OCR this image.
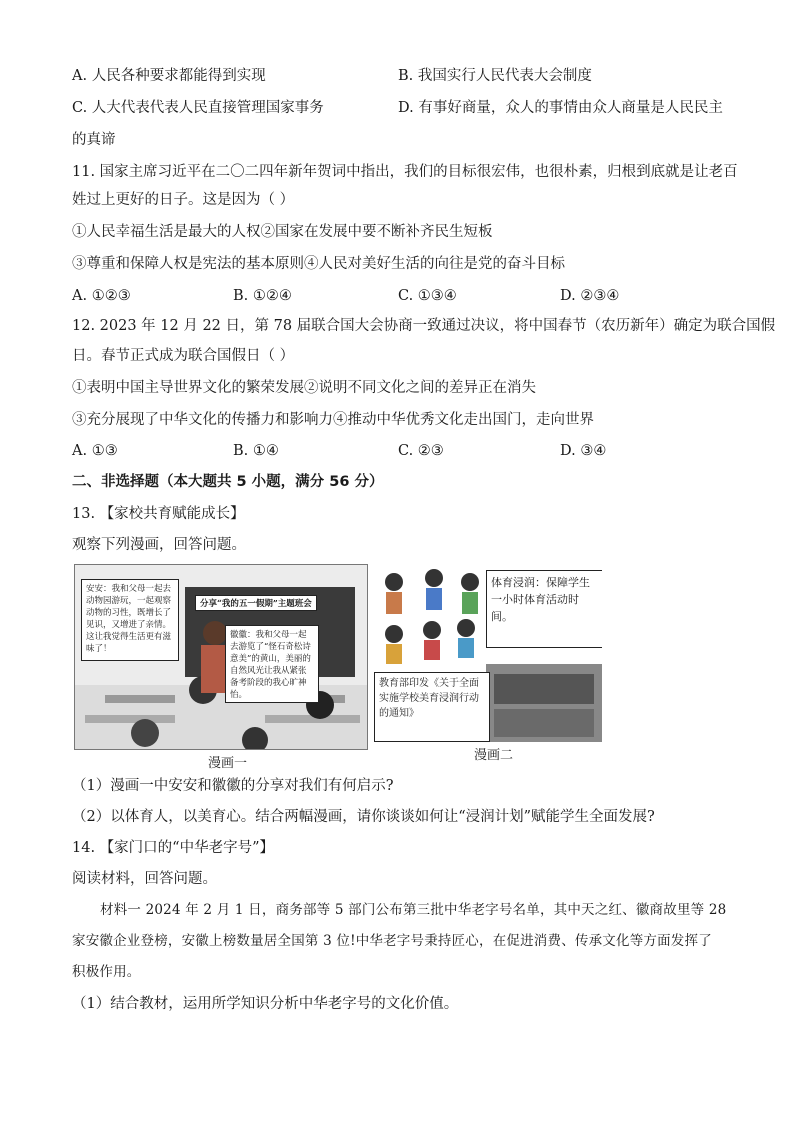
A. 人民各种要求都能得到实现	B. 我国实行人民代表大会制度
C. 人大代表代表人民直接管理国家事务	D. 有事好商量，众人的事情由众人商量是人民民主
的真谛
11. 国家主席习近平在二〇二四年新年贺词中指出，我们的目标很宏伟，也很朴素，归根到底就是让老百
姓过上更好的日子。这是因为（ ）
①人民幸福生活是最大的人权②国家在发展中要不断补齐民生短板
③尊重和保障人权是宪法的基本原则④人民对美好生活的向往是党的奋斗目标
A. ①②③	B. ①②④	C. ①③④	D. ②③④
12. 2023 年 12 月 22 日，第 78 届联合国大会协商一致通过决议，将中国春节（农历新年）确定为联合国假
日。春节正式成为联合国假日（ ）
①表明中国主导世界文化的繁荣发展②说明不同文化之间的差异正在消失
③充分展现了中华文化的传播力和影响力④推动中华优秀文化走出国门，走向世界
A. ①③	B. ①④	C. ②③	D. ③④
二、非选择题（本大题共 5 小题，满分 56 分）
13. 【家校共育赋能成长】
观察下列漫画，回答问题。
安安：我和父母一起去动物园游玩，一起观察动物的习性，既增长了见识，又增进了亲情。这让我觉得生活更有滋味了！
分享“我的五一假期”主题班会
徽徽：我和父母一起去游览了“怪石奇松诗意美”的黄山，美丽的自然风光让我从紧张备考阶段的我心旷神怡。
漫画一
体育浸润：保障学生一小时体育活动时间。
教育部印发《关于全面实施学校美育浸润行动的通知》
漫画二
（1）漫画一中安安和徽徽的分享对我们有何启示?
（2）以体育人，以美育心。结合两幅漫画，请你谈谈如何让“浸润计划”赋能学生全面发展?
14. 【家门口的“中华老字号”】
阅读材料，回答问题。
材料一 2024 年 2 月 1 日，商务部等 5 部门公布第三批中华老字号名单，其中天之红、徽商故里等 28
家安徽企业登榜，安徽上榜数量居全国第 3 位!中华老字号秉持匠心，在促进消费、传承文化等方面发挥了
积极作用。
（1）结合教材，运用所学知识分析中华老字号的文化价值。
